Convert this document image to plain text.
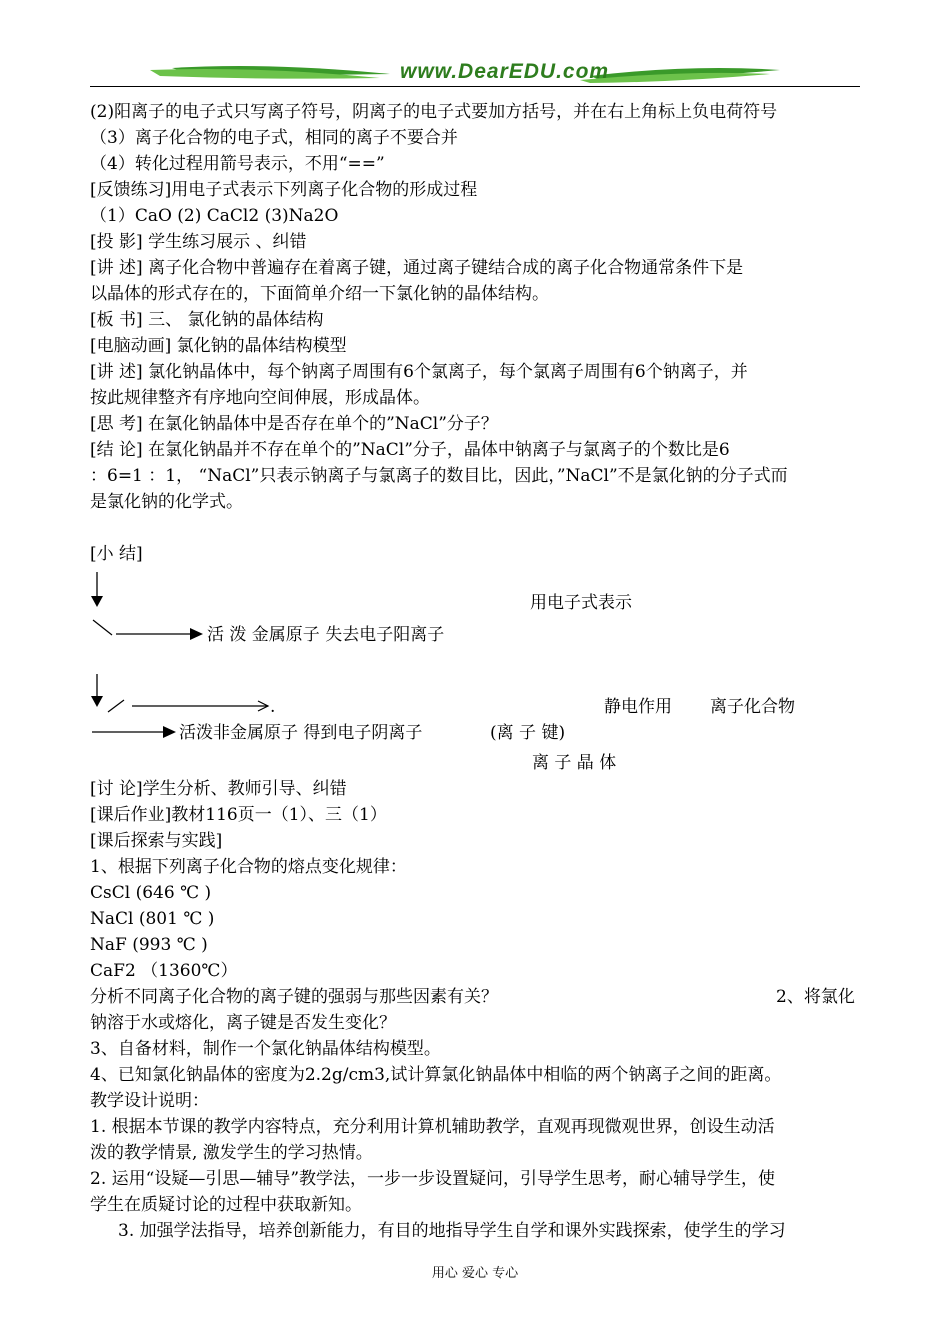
www.DearEDU.com
(2)阳离子的电子式只写离子符号，阴离子的电子式要加方括号，并在右上角标上负电荷符号
（3）离子化合物的电子式，相同的离子不要合并
（4）转化过程用箭号表示，不用“==”
[反馈练习]用电子式表示下列离子化合物的形成过程
（1）CaO (2) CaCl2 (3)Na2O
[投 影] 学生练习展示 、纠错
[讲 述] 离子化合物中普遍存在着离子键，通过离子键结合成的离子化合物通常条件下是
以晶体的形式存在的，下面简单介绍一下氯化钠的晶体结构。
[板 书] 三、 氯化钠的晶体结构
[电脑动画] 氯化钠的晶体结构模型
[讲 述] 氯化钠晶体中，每个钠离子周围有6个氯离子，每个氯离子周围有6个钠离子，并
按此规律整齐有序地向空间伸展，形成晶体。
[思 考] 在氯化钠晶体中是否存在单个的”NaCl”分子？
[结 论] 在氯化钠晶并不存在单个的”NaCl”分子，晶体中钠离子与氯离子的个数比是6
：6=1 ：1， “NaCl”只表示钠离子与氯离子的数目比，因此，”NaCl”不是氯化钠的分子式而
是氯化钠的化学式。
[小 结]
用电子式表示
活 泼 金属原子 失去电子阳离子
.	静电作用 离子化合物
活泼非金属原子 得到电子阴离子	(离 子 键)
离 子 晶 体
[讨 论]学生分析、教师引导、纠错
[课后作业]教材116页一（1）、三（1）
[课后探索与实践]
1、根据下列离子化合物的熔点变化规律：
CsCl (646 ℃ )
NaCl (801 ℃ )
NaF (993 ℃ )
CaF2 （1360℃）
分析不同离子化合物的离子键的强弱与那些因素有关？	2、将氯化
钠溶于水或熔化，离子键是否发生变化？
3、自备材料，制作一个氯化钠晶体结构模型。
4、已知氯化钠晶体的密度为2.2g/cm3,试计算氯化钠晶体中相临的两个钠离子之间的距离。
教学设计说明：
1. 根据本节课的教学内容特点，充分利用计算机辅助教学，直观再现微观世界，创设生动活
泼的教学情景, 激发学生的学习热情。
2. 运用“设疑—引思—辅导”教学法，一步一步设置疑问，引导学生思考，耐心辅导学生，使
学生在质疑讨论的过程中获取新知。
3. 加强学法指导，培养创新能力，有目的地指导学生自学和课外实践探索，使学生的学习
用心 爱心 专心
